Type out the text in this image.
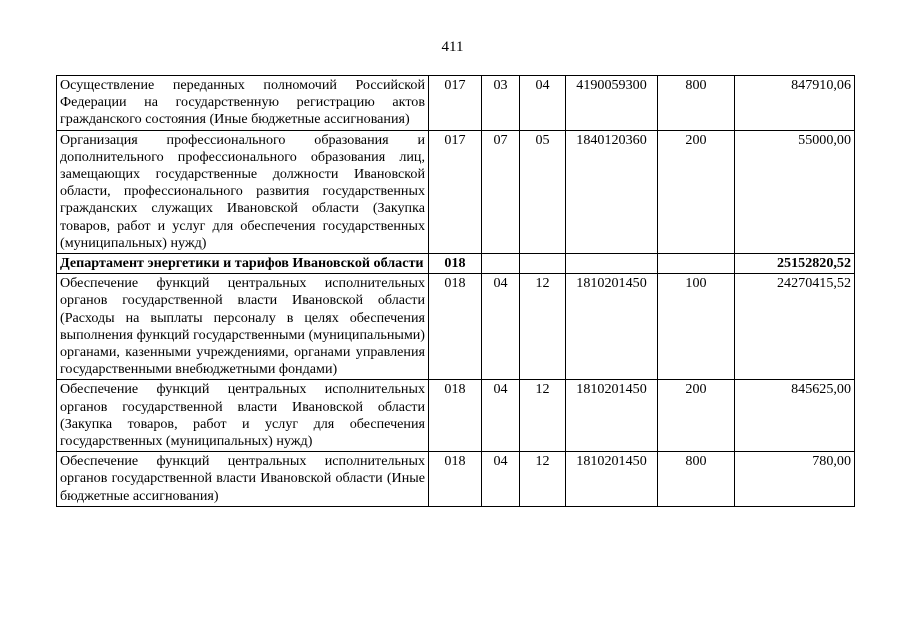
411
Осуществление переданных полномочий Российской Федерации на государственную регистрацию актов гражданского состояния (Иные бюджетные ассигнования)	017	03	04	4190059300	800	847910,06
Организация профессионального образования и дополнительного профессионального образования лиц, замещающих государственные должности Ивановской области, профессионального развития государственных гражданских служащих Ивановской области (Закупка товаров, работ и услуг для обеспечения государственных (муниципальных) нужд)	017	07	05	1840120360	200	55000,00
Департамент энергетики и тарифов Ивановской области	018					25152820,52
Обеспечение функций центральных исполнительных органов государственной власти Ивановской области (Расходы на выплаты персоналу в целях обеспечения выполнения функций государственными (муниципальными) органами, казенными учреждениями, органами управления государственными внебюджетными фондами)	018	04	12	1810201450	100	24270415,52
Обеспечение функций центральных исполнительных органов государственной власти Ивановской области (Закупка товаров, работ и услуг для обеспечения государственных (муниципальных) нужд)	018	04	12	1810201450	200	845625,00
Обеспечение функций центральных исполнительных органов государственной власти Ивановской области (Иные бюджетные ассигнования)	018	04	12	1810201450	800	780,00
